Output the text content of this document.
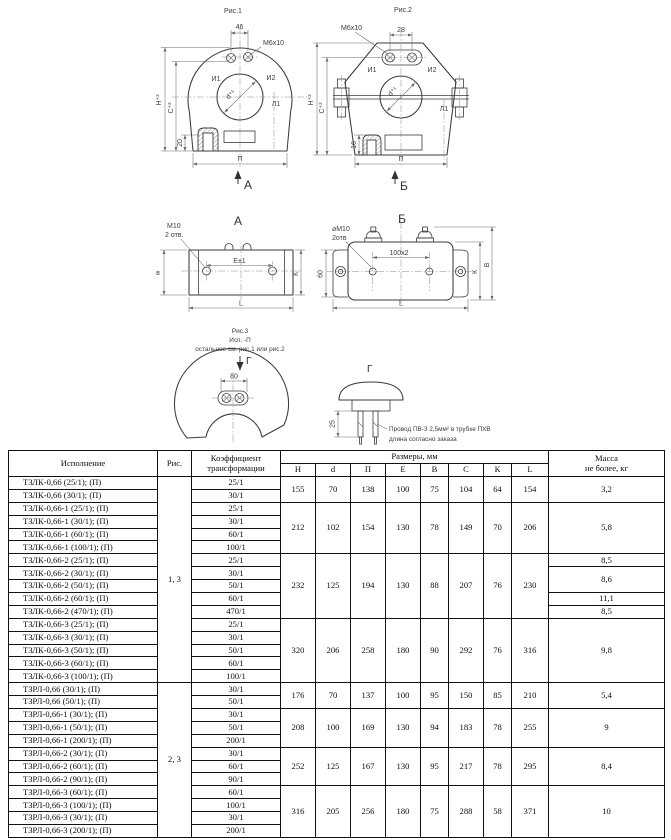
Рис.1
46
М6х10
И1	И2
Л1
d⁺¹
Н⁺²
С⁺²
20
П
А
Рис.2
28
М6х10
И1	И2
Л1
d⁺¹
Н⁺²
С⁺²
16
П
Б
А
М10
2 отв.
Е±1
в	К
L
Б
⌀М10
2отв
100х2
60	К
В
L
Рис.3
Исп. -П
остальное см. рис.1 или рис.2
Г
80
Г
25
Провод ПВ-3 2,5мм² в трубке ПХВ
длина согласно заказа
Исполнение	Рис.	Коэффициент трансформации	Размеры, мм								Масса
не более, кг

			Н	d	П	Е	В	С	К	L	
ТЗЛК-0,66 (25/1); (П)	1, 3	25/1	155	70	138	100	75	104	64	154	3,2
ТЗЛК-0,66 (30/1); (П)		30/1									
ТЗЛК-0,66-1 (25/1); (П)		25/1	212	102	154	130	78	149	70	206	5,8
ТЗЛК-0,66-1 (30/1); (П)		30/1									
ТЗЛК-0,66-1 (60/1); (П)		60/1									
ТЗЛК-0,66-1 (100/1); (П)		100/1									
ТЗЛК-0,66-2 (25/1); (П)		25/1	232	125	194	130	88	207	76	230	8,5
ТЗЛК-0,66-2 (30/1); (П)		30/1									8,6
ТЗЛК-0,66-2 (50/1); (П)		50/1									
ТЗЛК-0,66-2 (60/1); (П)		60/1									11,1
ТЗЛК-0,66-2 (470/1); (П)		470/1									8,5
ТЗЛК-0,66-3 (25/1); (П)		25/1	320	206	258	180	90	292	76	316	9,8
ТЗЛК-0,66-3 (30/1); (П)		30/1									
ТЗЛК-0,66-3 (50/1); (П)		50/1									
ТЗЛК-0,66-3 (60/1); (П)		60/1									
ТЗЛК-0,66-3 (100/1); (П)		100/1									
ТЗРЛ-0,66 (30/1); (П)	2, 3	30/1	176	70	137	100	95	150	85	210	5,4
ТЗРЛ-0,66 (50/1); (П)		50/1									
ТЗРЛ-0,66-1 (30/1); (П)		30/1	208	100	169	130	94	183	78	255	9
ТЗРЛ-0,66-1 (50/1); (П)		50/1									
ТЗРЛ-0,66-1 (200/1); (П)		200/1									
ТЗРЛ-0,66-2 (30/1); (П)		30/1	252	125	167	130	95	217	78	295	8,4
ТЗРЛ-0,66-2 (60/1); (П)		60/1									
ТЗРЛ-0,66-2 (90/1); (П)		90/1									
ТЗРЛ-0,66-3 (60/1); (П)		60/1	316	205	256	180	75	288	58	371	10
ТЗРЛ-0,66-3 (100/1); (П)		100/1									
ТЗРЛ-0,66-3 (30/1); (П)		30/1									
ТЗРЛ-0,66-3 (200/1); (П)		200/1									
